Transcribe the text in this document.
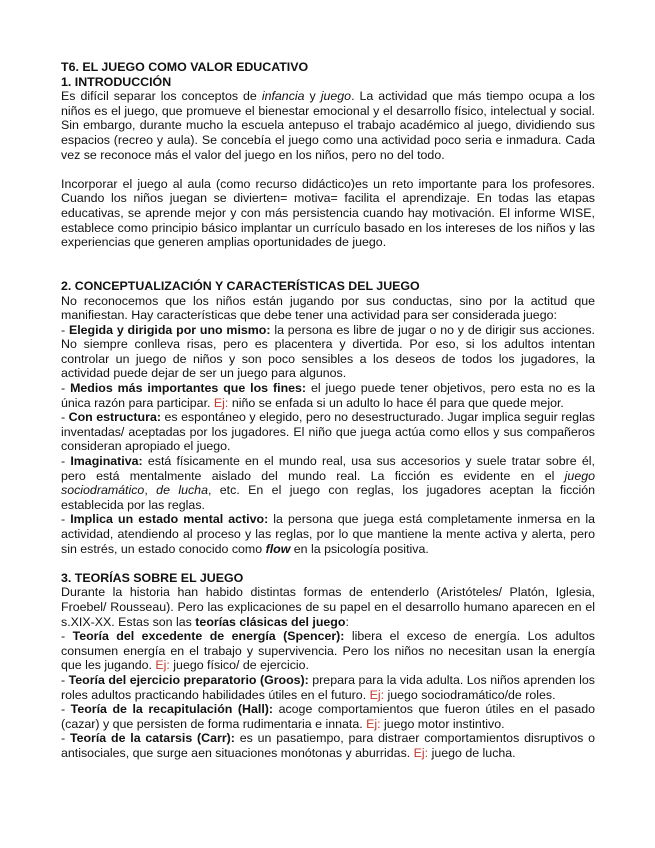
T6. EL JUEGO COMO VALOR EDUCATIVO
1. INTRODUCCIÓN
Es difícil separar los conceptos de infancia y juego. La actividad que más tiempo ocupa a los niños es el juego, que promueve el bienestar emocional y el desarrollo físico, intelectual y social. Sin embargo, durante mucho la escuela antepuso el trabajo académico al juego, dividiendo sus espacios (recreo y aula). Se concebía el juego como una actividad poco seria e inmadura. Cada vez se reconoce más el valor del juego en los niños, pero no del todo.
Incorporar el juego al aula (como recurso didáctico)es un reto importante para los profesores. Cuando los niños juegan se divierten= motiva= facilita el aprendizaje. En todas las etapas educativas, se aprende mejor y con más persistencia cuando hay motivación. El informe WISE, establece como principio básico implantar un currículo basado en los intereses de los niños y las experiencias que generen amplias oportunidades de juego.
2. CONCEPTUALIZACIÓN Y CARACTERÍSTICAS DEL JUEGO
No reconocemos que los niños están jugando por sus conductas, sino por la actitud que manifiestan. Hay características que debe tener una actividad para ser considerada juego:
- Elegida y dirigida por uno mismo: la persona es libre de jugar o no y de dirigir sus acciones. No siempre conlleva risas, pero es placentera y divertida. Por eso, si los adultos intentan controlar un juego de niños y son poco sensibles a los deseos de todos los jugadores, la actividad puede dejar de ser un juego para algunos.
- Medios más importantes que los fines: el juego puede tener objetivos, pero esta no es la única razón para participar. Ej: niño se enfada si un adulto lo hace él para que quede mejor.
- Con estructura: es espontáneo y elegido, pero no desestructurado. Jugar implica seguir reglas inventadas/ aceptadas por los jugadores. El niño que juega actúa como ellos y sus compañeros consideran apropiado el juego.
- Imaginativa: está físicamente en el mundo real, usa sus accesorios y suele tratar sobre él, pero está mentalmente aislado del mundo real. La ficción es evidente en el juego sociodramático, de lucha, etc. En el juego con reglas, los jugadores aceptan la ficción establecida por las reglas.
- Implica un estado mental activo: la persona que juega está completamente inmersa en la actividad, atendiendo al proceso y las reglas, por lo que mantiene la mente activa y alerta, pero sin estrés, un estado conocido como flow en la psicología positiva.
3. TEORÍAS SOBRE EL JUEGO
Durante la historia han habido distintas formas de entenderlo (Aristóteles/ Platón, Iglesia, Froebel/ Rousseau). Pero las explicaciones de su papel en el desarrollo humano aparecen en el s.XIX-XX. Estas son las teorías clásicas del juego:
- Teoría del excedente de energía (Spencer): libera el exceso de energía. Los adultos consumen energía en el trabajo y supervivencia. Pero los niños no necesitan usan la energía que les jugando. Ej: juego físico/ de ejercicio.
- Teoría del ejercicio preparatorio (Groos): prepara para la vida adulta. Los niños aprenden los roles adultos practicando habilidades útiles en el futuro. Ej: juego sociodramático/de roles.
- Teoría de la recapitulación (Hall): acoge comportamientos que fueron útiles en el pasado (cazar) y que persisten de forma rudimentaria e innata. Ej: juego motor instintivo.
- Teoría de la catarsis (Carr): es un pasatiempo, para distraer comportamientos disruptivos o antisociales, que surge aen situaciones monótonas y aburridas. Ej: juego de lucha.
